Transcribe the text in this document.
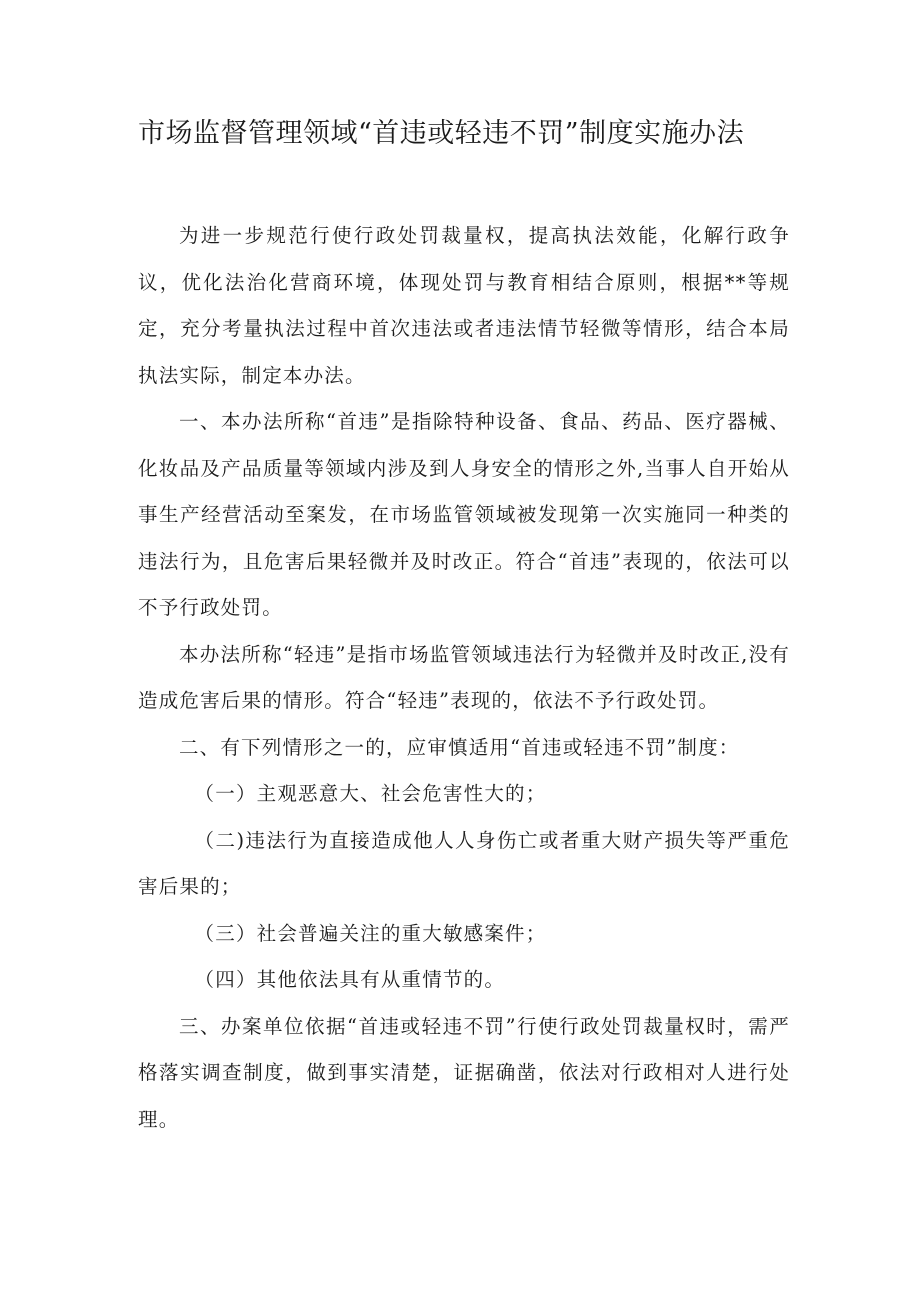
市场监督管理领域“首违或轻违不罚”制度实施办法

为进一步规范行使行政处罚裁量权，提高执法效能，化解行政争议，优化法治化营商环境，体现处罚与教育相结合原则，根据**等规定，充分考量执法过程中首次违法或者违法情节轻微等情形，结合本局执法实际，制定本办法。

一、本办法所称“首违”是指除特种设备、食品、药品、医疗器械、化妆品及产品质量等领域内涉及到人身安全的情形之外,当事人自开始从事生产经营活动至案发，在市场监管领域被发现第一次实施同一种类的违法行为，且危害后果轻微并及时改正。符合“首违”表现的，依法可以不予行政处罚。

本办法所称“轻违”是指市场监管领域违法行为轻微并及时改正,没有造成危害后果的情形。符合“轻违”表现的，依法不予行政处罚。

二、有下列情形之一的，应审慎适用“首违或轻违不罚”制度：

（一）主观恶意大、社会危害性大的；

（二)违法行为直接造成他人人身伤亡或者重大财产损失等严重危害后果的；

（三）社会普遍关注的重大敏感案件；

（四）其他依法具有从重情节的。

三、办案单位依据“首违或轻违不罚”行使行政处罚裁量权时，需严格落实调查制度，做到事实清楚，证据确凿，依法对行政相对人进行处理。
